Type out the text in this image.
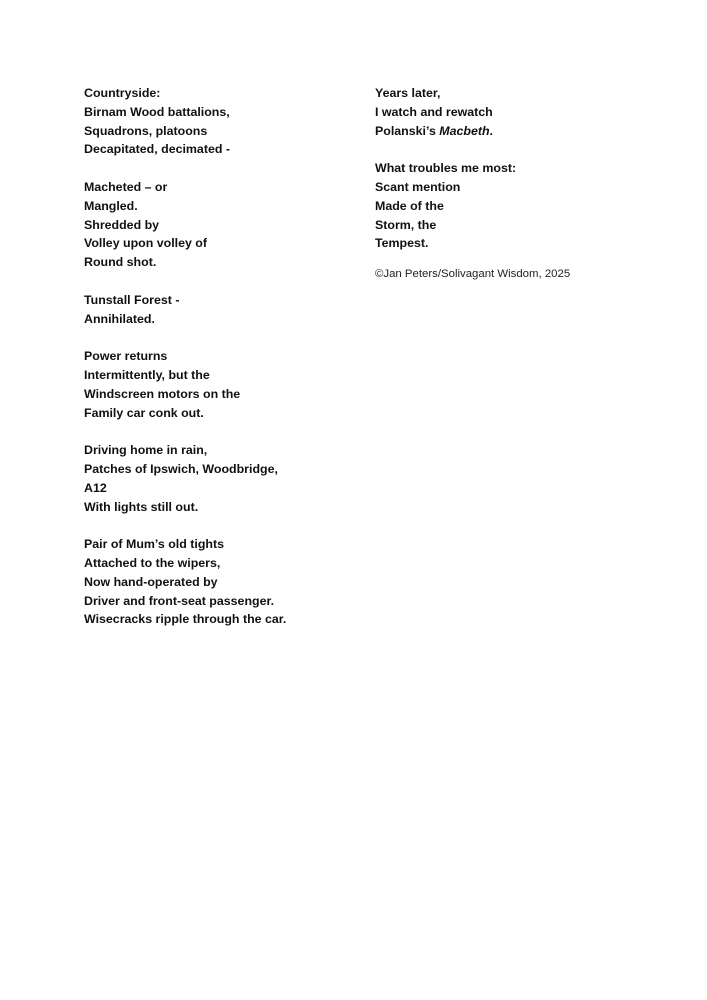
Countryside:
Birnam Wood battalions,
Squadrons, platoons
Decapitated, decimated -
Macheted – or
Mangled.
Shredded by
Volley upon volley of
Round shot.
Tunstall Forest -
Annihilated.
Power returns
Intermittently, but the
Windscreen motors on the
Family car conk out.
Driving home in rain,
Patches of Ipswich, Woodbridge,
A12
With lights still out.
Pair of Mum’s old tights
Attached to the wipers,
Now hand-operated by
Driver and front-seat passenger.
Wisecracks ripple through the car.
Years later,
I watch and rewatch
Polanski’s Macbeth.
What troubles me most:
Scant mention
Made of the
Storm, the
Tempest.
©Jan Peters/Solivagant Wisdom, 2025
